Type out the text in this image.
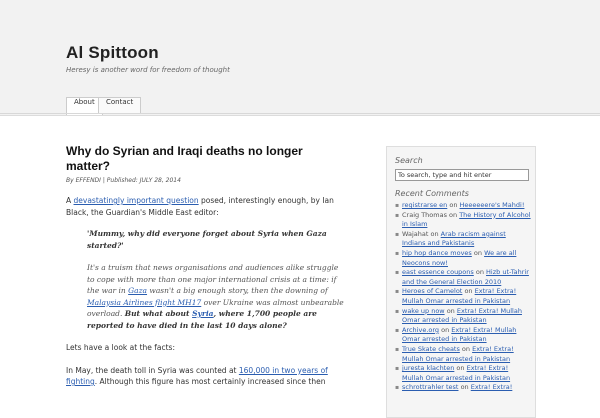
Al Spittoon
Heresy is another word for freedom of thought
About	Contact
Why do Syrian and Iraqi deaths no longer matter?
By EFFENDI | Published: JULY 28, 2014
A devastatingly important question posed, interestingly enough, by Ian Black, the Guardian's Middle East editor:

'Mummy, why did everyone forget about Syria when Gaza started?'

It's a truism that news organisations and audiences alike struggle to cope with more than one major international crisis at a time: if the war in Gaza wasn't a big enough story, then the downing of Malaysia Airlines flight MH17 over Ukraine was almost unbearable overload. But what about Syria, where 1,700 people are reported to have died in the last 10 days alone?

Lets have a look at the facts:
In May, the death toll in Syria was counted at 160,000 in two years of fighting. Although this figure has most certainly increased since then
Search
To search, type and hit enter
Recent Comments
▪ registrarse en on Heeeeeere's Mahdi!
▪ Craig Thomas on The History of Alcohol in Islam
▪ Wajahat on Arab racism against Indians and Pakistanis
▪ hip hop dance moves on We are all Neocons now!
▪ east essence coupons on Hizb ut-Tahrir and the General Election 2010
▪ Heroes of Camelot on Extra! Extra! Mullah Omar arrested in Pakistan
▪ wake up now on Extra! Extra! Mullah Omar arrested in Pakistan
▪ Archive.org on Extra! Extra! Mullah Omar arrested in Pakistan
▪ True Skate cheats on Extra! Extra! Mullah Omar arrested in Pakistan
▪ juresta klachten on Extra! Extra! Mullah Omar arrested in Pakistan
▪ schrottrahler test on Extra! Extra!
